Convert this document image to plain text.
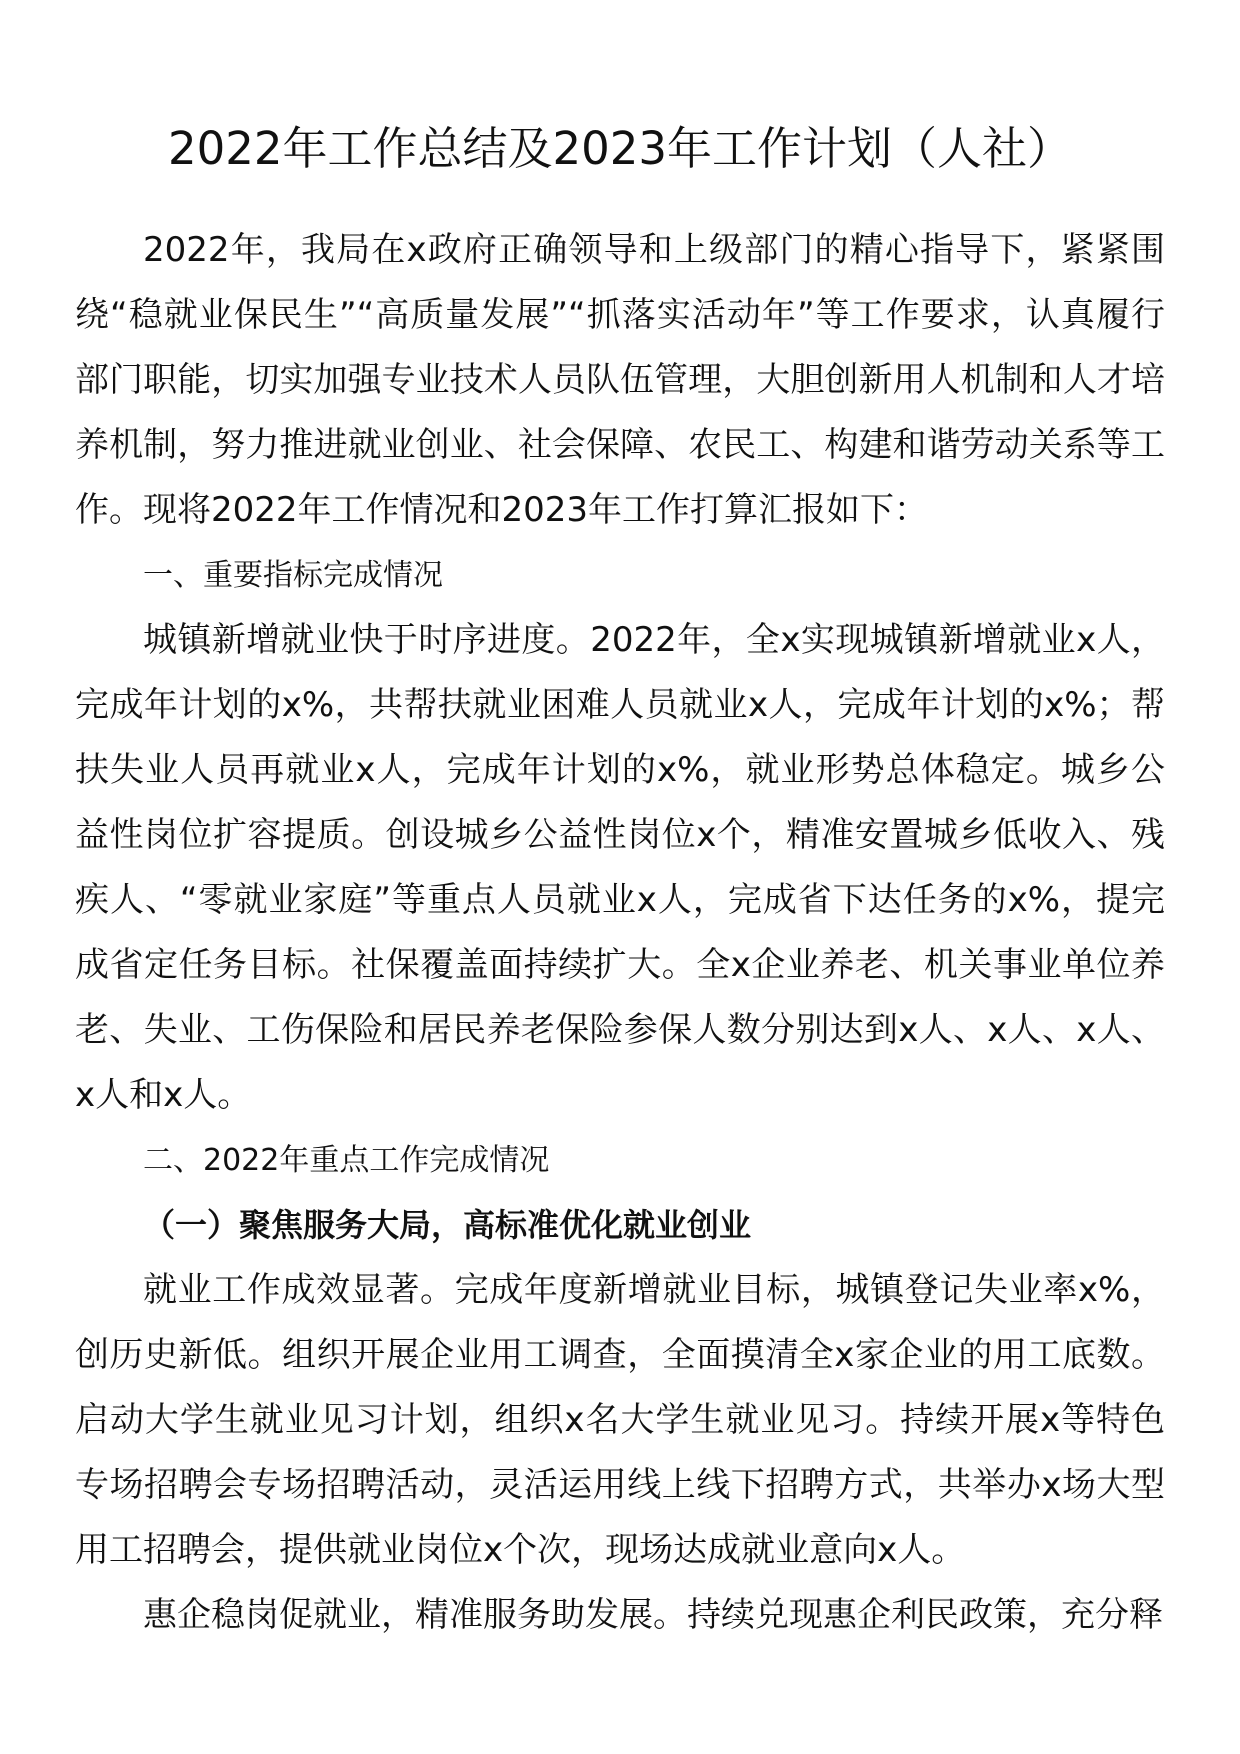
2022年工作总结及2023年工作计划（人社）

2022年，我局在x政府正确领导和上级部门的精心指导下，紧紧围绕“稳就业保民生”“高质量发展”“抓落实活动年”等工作要求，认真履行部门职能，切实加强专业技术人员队伍管理，大胆创新用人机制和人才培养机制，努力推进就业创业、社会保障、农民工、构建和谐劳动关系等工作。现将2022年工作情况和2023年工作打算汇报如下：

一、重要指标完成情况

城镇新增就业快于时序进度。2022年，全x实现城镇新增就业x人，完成年计划的x%，共帮扶就业困难人员就业x人，完成年计划的x%；帮扶失业人员再就业x人，完成年计划的x%，就业形势总体稳定。城乡公益性岗位扩容提质。创设城乡公益性岗位x个，精准安置城乡低收入、残疾人、“零就业家庭”等重点人员就业x人，完成省下达任务的x%，提完成省定任务目标。社保覆盖面持续扩大。全x企业养老、机关事业单位养老、失业、工伤保险和居民养老保险参保人数分别达到x人、x人、x人、x人和x人。

二、2022年重点工作完成情况

（一）聚焦服务大局，高标准优化就业创业

就业工作成效显著。完成年度新增就业目标，城镇登记失业率x%，创历史新低。组织开展企业用工调查，全面摸清全x家企业的用工底数。启动大学生就业见习计划，组织x名大学生就业见习。持续开展x等特色专场招聘会专场招聘活动，灵活运用线上线下招聘方式，共举办x场大型用工招聘会，提供就业岗位x个次，现场达成就业意向x人。

惠企稳岗促就业，精准服务助发展。持续兑现惠企利民政策，充分释
